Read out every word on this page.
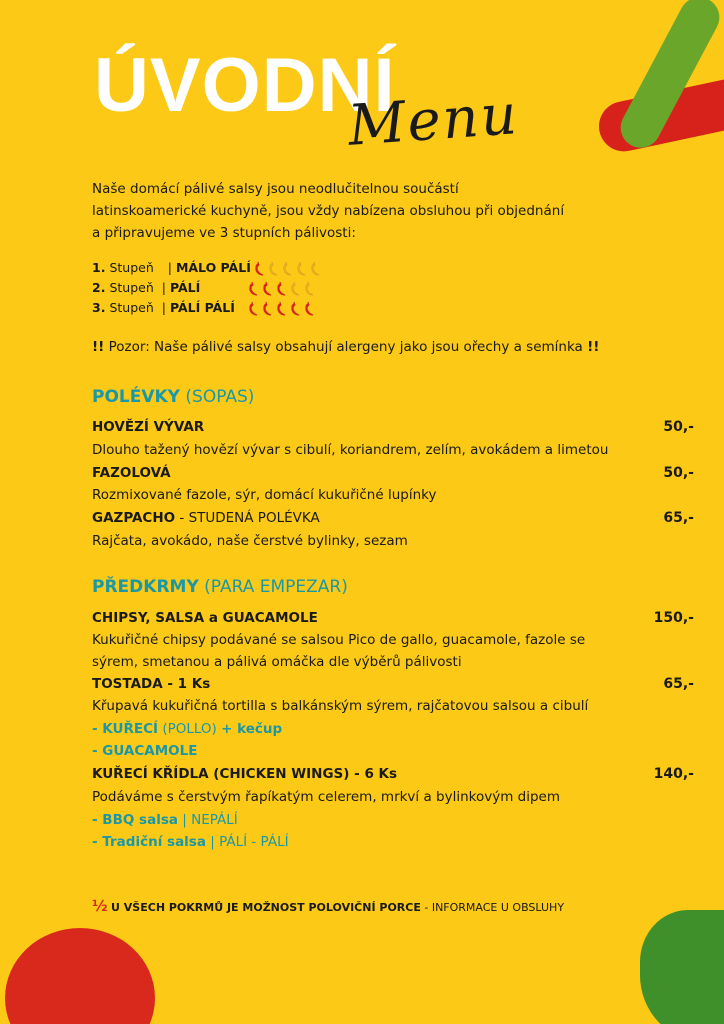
ÚVODNÍ
Menu
Naše domácí pálivé salsy jsou neodlučitelnou součástí
latinskoamerické kuchyně, jsou vždy nabízena obsluhou při objednání
a připravujeme ve 3 stupních pálivosti:
1. Stupeň | MÁLO PÁLÍ
2. Stupeň | PÁLÍ
3. Stupeň | PÁLÍ PÁLÍ
!! Pozor: Naše pálivé salsy obsahují alergeny jako jsou ořechy a semínka !!
POLÉVKY (SOPAS)
HOVĚZÍ VÝVAR	50,-
Dlouho tažený hovězí vývar s cibulí, koriandrem, zelím, avokádem a limetou
FAZOLOVÁ	50,-
Rozmixované fazole, sýr, domácí kukuřičné lupínky
GAZPACHO - STUDENÁ POLÉVKA	65,-
Rajčata, avokádo, naše čerstvé bylinky, sezam
PŘEDKRMY (PARA EMPEZAR)
CHIPSY, SALSA a GUACAMOLE	150,-
Kukuřičné chipsy podávané se salsou Pico de gallo, guacamole, fazole se
sýrem, smetanou a pálivá omáčka dle výběrů pálivosti
TOSTADA - 1 Ks	65,-
Křupavá kukuřičná tortilla s balkánským sýrem, rajčatovou salsou a cibulí
- KUŘECÍ (POLLO) + kečup
- GUACAMOLE
KUŘECÍ KŘÍDLA (CHICKEN WINGS) - 6 Ks	140,-
Podáváme s čerstvým řapíkatým celerem, mrkví a bylinkovým dipem
- BBQ salsa | NEPÁLÍ
- Tradiční salsa | PÁLÍ - PÁLÍ
½ U VŠECH POKRMŮ JE MOŽNOST POLOVIČNÍ PORCE - INFORMACE U OBSLUHY
